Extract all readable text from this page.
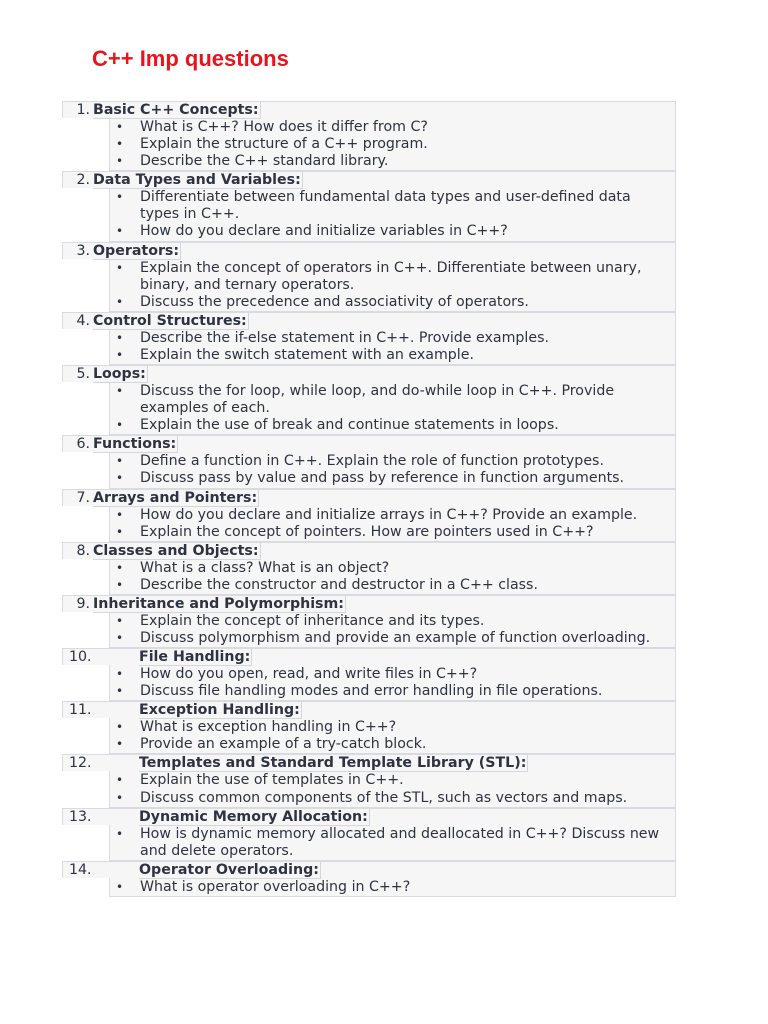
C++ Imp questions
1. Basic C++ Concepts:
• What is C++? How does it differ from C?
• Explain the structure of a C++ program.
• Describe the C++ standard library.
2. Data Types and Variables:
• Differentiate between fundamental data types and user-defined data types in C++.
• How do you declare and initialize variables in C++?
3. Operators:
• Explain the concept of operators in C++. Differentiate between unary, binary, and ternary operators.
• Discuss the precedence and associativity of operators.
4. Control Structures:
• Describe the if-else statement in C++. Provide examples.
• Explain the switch statement with an example.
5. Loops:
• Discuss the for loop, while loop, and do-while loop in C++. Provide examples of each.
• Explain the use of break and continue statements in loops.
6. Functions:
• Define a function in C++. Explain the role of function prototypes.
• Discuss pass by value and pass by reference in function arguments.
7. Arrays and Pointers:
• How do you declare and initialize arrays in C++? Provide an example.
• Explain the concept of pointers. How are pointers used in C++?
8. Classes and Objects:
• What is a class? What is an object?
• Describe the constructor and destructor in a C++ class.
9. Inheritance and Polymorphism:
• Explain the concept of inheritance and its types.
• Discuss polymorphism and provide an example of function overloading.
10.	File Handling:
• How do you open, read, and write files in C++?
• Discuss file handling modes and error handling in file operations.
11.	Exception Handling:
• What is exception handling in C++?
• Provide an example of a try-catch block.
12.	Templates and Standard Template Library (STL):
• Explain the use of templates in C++.
• Discuss common components of the STL, such as vectors and maps.
13.	Dynamic Memory Allocation:
• How is dynamic memory allocated and deallocated in C++? Discuss new and delete operators.
14.	Operator Overloading:
• What is operator overloading in C++?
